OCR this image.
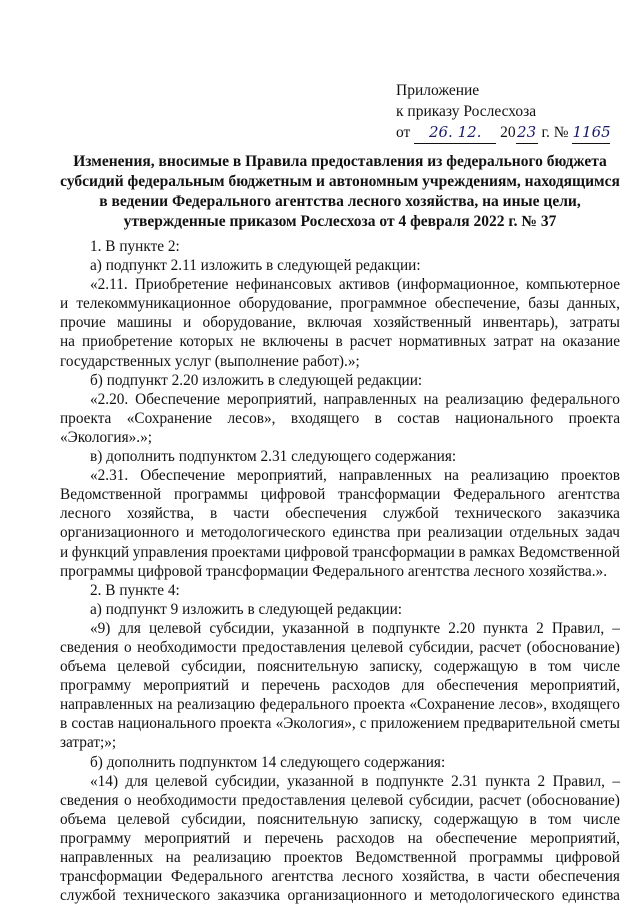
Приложение
к приказу Рослесхоза
от 26. 12. 2023 г. № 1165
Изменения, вносимые в Правила предоставления из федерального бюджета
субсидий федеральным бюджетным и автономным учреждениям, находящимся
в ведении Федерального агентства лесного хозяйства, на иные цели,
утвержденные приказом Рослесхоза от 4 февраля 2022 г. № 37
1. В пункте 2:
а) подпункт 2.11 изложить в следующей редакции:
«2.11. Приобретение нефинансовых активов (информационное, компьютерное
и телекоммуникационное оборудование, программное обеспечение, базы данных,
прочие машины и оборудование, включая хозяйственный инвентарь), затраты
на приобретение которых не включены в расчет нормативных затрат на оказание
государственных услуг (выполнение работ).»;
б) подпункт 2.20 изложить в следующей редакции:
«2.20. Обеспечение мероприятий, направленных на реализацию федерального
проекта «Сохранение лесов», входящего в состав национального проекта
«Экология».»;
в) дополнить подпунктом 2.31 следующего содержания:
«2.31. Обеспечение мероприятий, направленных на реализацию проектов
Ведомственной программы цифровой трансформации Федерального агентства
лесного хозяйства, в части обеспечения службой технического заказчика
организационного и методологического единства при реализации отдельных задач
и функций управления проектами цифровой трансформации в рамках Ведомственной
программы цифровой трансформации Федерального агентства лесного хозяйства.».
2. В пункте 4:
а) подпункт 9 изложить в следующей редакции:
«9) для целевой субсидии, указанной в подпункте 2.20 пункта 2 Правил, –
сведения о необходимости предоставления целевой субсидии, расчет (обоснование)
объема целевой субсидии, пояснительную записку, содержащую в том числе
программу мероприятий и перечень расходов для обеспечения мероприятий,
направленных на реализацию федерального проекта «Сохранение лесов», входящего
в состав национального проекта «Экология», с приложением предварительной сметы
затрат;»;
б) дополнить подпунктом 14 следующего содержания:
«14) для целевой субсидии, указанной в подпункте 2.31 пункта 2 Правил, –
сведения о необходимости предоставления целевой субсидии, расчет (обоснование)
объема целевой субсидии, пояснительную записку, содержащую в том числе
программу мероприятий и перечень расходов на обеспечение мероприятий,
направленных на реализацию проектов Ведомственной программы цифровой
трансформации Федерального агентства лесного хозяйства, в части обеспечения
службой технического заказчика организационного и методологического единства
